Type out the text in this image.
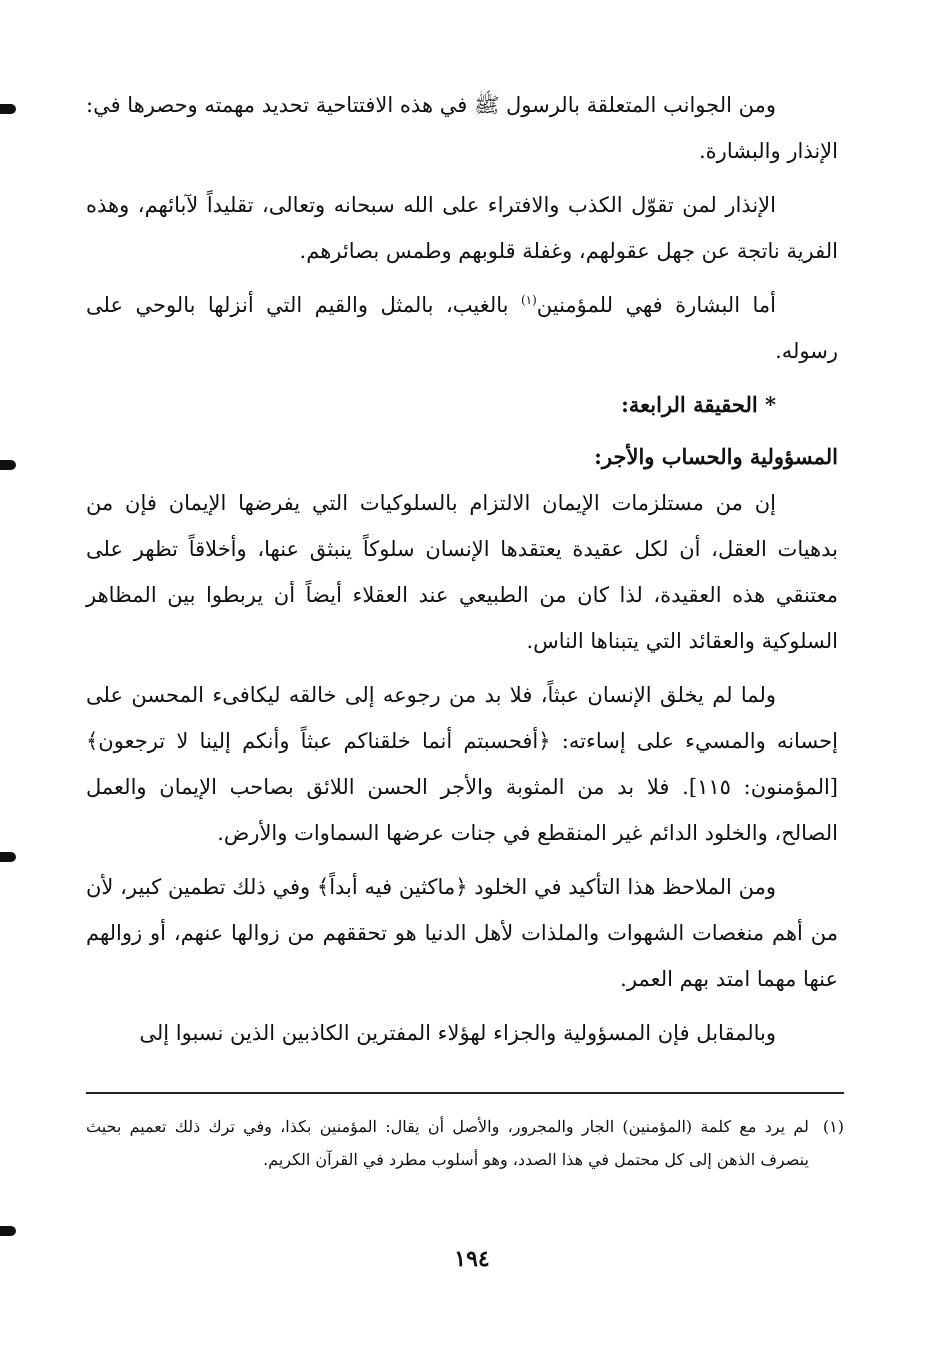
ومن الجوانب المتعلقة بالرسول ﷺ في هذه الافتتاحية تحديد مهمته وحصرها في: الإنذار والبشارة.

الإنذار لمن تقوّل الكذب والافتراء على الله سبحانه وتعالى، تقليداً لآبائهم، وهذه الفرية ناتجة عن جهل عقولهم، وغفلة قلوبهم وطمس بصائرهم.

أما البشارة فهي للمؤمنين$^{(١)}$ بالغيب، بالمثل والقيم التي أنزلها بالوحي على رسوله.

* الحقيقة الرابعة:

المسؤولية والحساب والأجر:

إن من مستلزمات الإيمان الالتزام بالسلوكيات التي يفرضها الإيمان فإن من بدهيات العقل، أن لكل عقيدة يعتقدها الإنسان سلوكاً ينبثق عنها، وأخلاقاً تظهر على معتنقي هذه العقيدة، لذا كان من الطبيعي عند العقلاء أيضاً أن يربطوا بين المظاهر السلوكية والعقائد التي يتبناها الناس.

ولما لم يخلق الإنسان عبثاً، فلا بد من رجوعه إلى خالقه ليكافىء المحسن على إحسانه والمسيء على إساءته: ﴿أفحسبتم أنما خلقناكم عبثاً وأنكم إلينا لا ترجعون﴾ [المؤمنون: ١١٥]. فلا بد من المثوبة والأجر الحسن اللائق بصاحب الإيمان والعمل الصالح، والخلود الدائم غير المنقطع في جنات عرضها السماوات والأرض.

ومن الملاحظ هذا التأكيد في الخلود ﴿ماكثين فيه أبداً﴾ وفي ذلك تطمين كبير، لأن من أهم منغصات الشهوات والملذات لأهل الدنيا هو تحققهم من زوالها عنهم، أو زوالهم عنها مهما امتد بهم العمر.

وبالمقابل فإن المسؤولية والجزاء لهؤلاء المفترين الكاذبين الذين نسبوا إلى

(١)
لم يرد مع كلمة (المؤمنين) الجار والمجرور، والأصل أن يقال: المؤمنين بكذا، وفي ترك ذلك تعميم بحيث ينصرف الذهن إلى كل محتمل في هذا الصدد، وهو أسلوب مطرد في القرآن الكريم.
١٩٤
